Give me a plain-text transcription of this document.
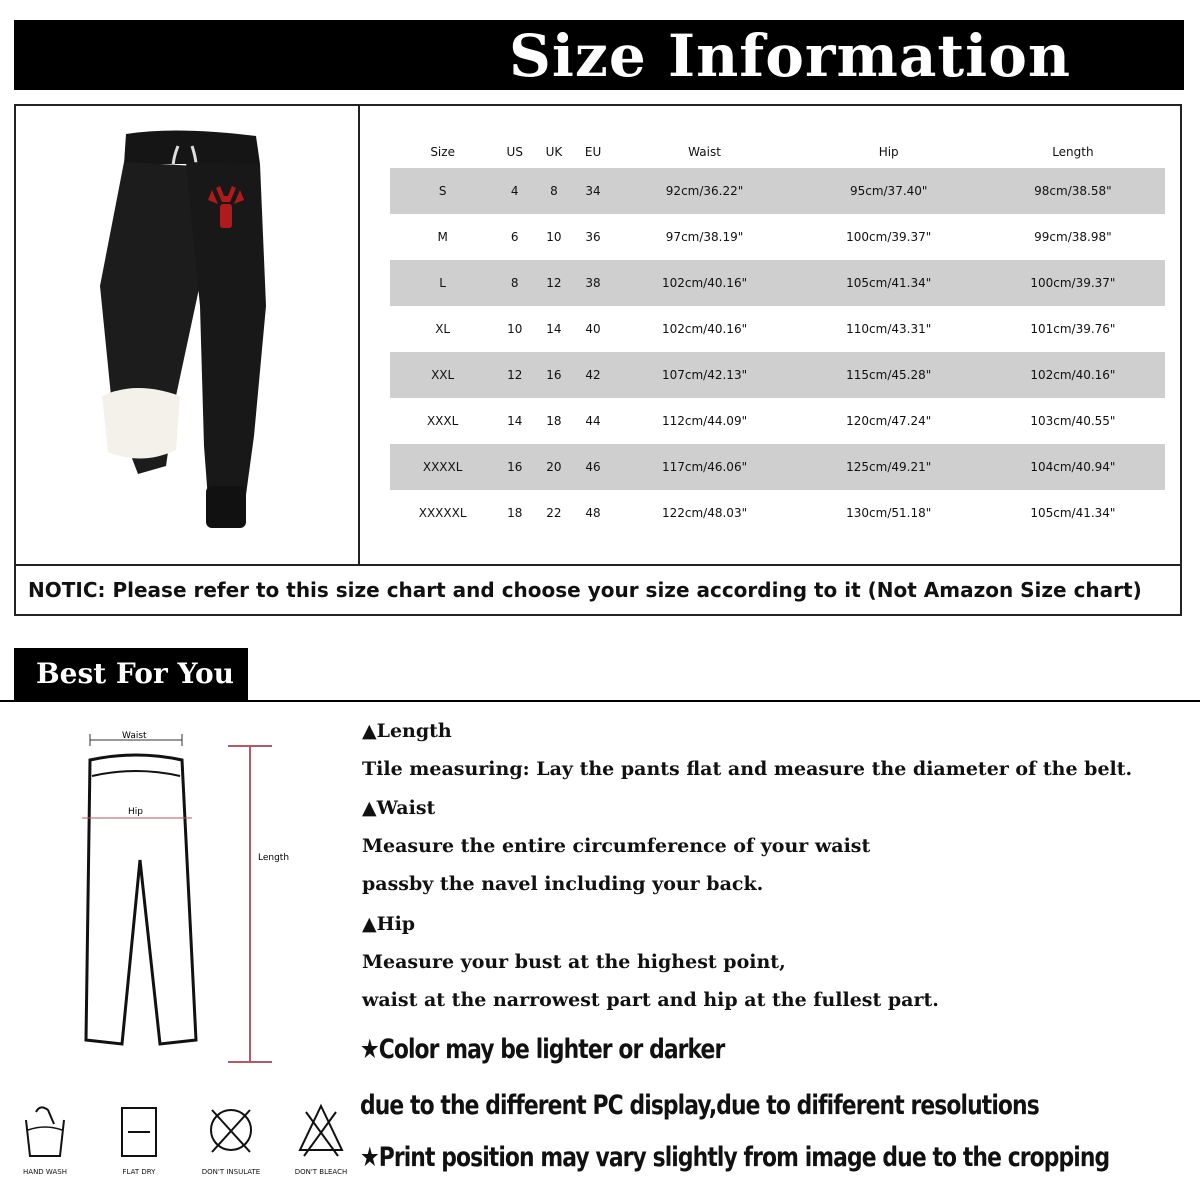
Size Information
Size	US	UK	EU	Waist	Hip	Length
S	4	8	34	92cm/36.22"	95cm/37.40"	98cm/38.58"
M	6	10	36	97cm/38.19"	100cm/39.37"	99cm/38.98"
L	8	12	38	102cm/40.16"	105cm/41.34"	100cm/39.37"
XL	10	14	40	102cm/40.16"	110cm/43.31"	101cm/39.76"
XXL	12	16	42	107cm/42.13"	115cm/45.28"	102cm/40.16"
XXXL	14	18	44	112cm/44.09"	120cm/47.24"	103cm/40.55"
XXXXL	16	20	46	117cm/46.06"	125cm/49.21"	104cm/40.94"
XXXXXL	18	22	48	122cm/48.03"	130cm/51.18"	105cm/41.34"
NOTIC: Please refer to this size chart and choose your size according to it (Not Amazon Size chart)
Best For You
Waist
Hip
Length
HAND WASH	FLAT DRY	DON'T INSULATE	DON'T BLEACH
▲Length
Tile measuring: Lay the pants flat and measure the diameter of the belt.
▲Waist
Measure the entire circumference of your waist
passby the navel including your back.
▲Hip
Measure your bust at the highest point,
waist at the narrowest part and hip at the fullest part.
★Color may be lighter or darker
due to the different PC display,due to dififerent resolutions
★Print position may vary slightly from image due to the cropping
